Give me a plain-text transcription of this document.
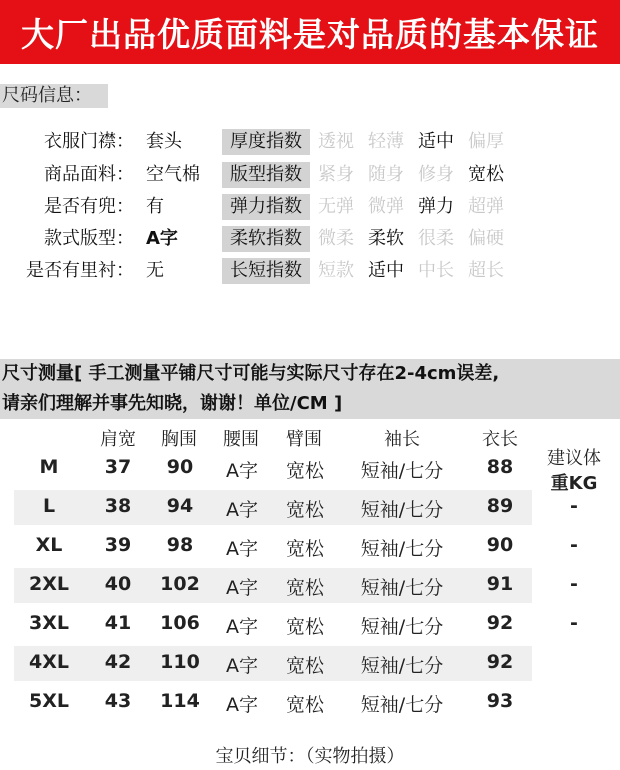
大厂出品优质面料是对品质的基本保证
尺码信息：
衣服门襟： 套头	厚度指数 透视 轻薄 适中 偏厚
商品面料： 空气棉	版型指数 紧身 随身 修身 宽松
是否有兜： 有	弹力指数 无弹 微弹 弹力 超弹
款式版型： A字	柔软指数 微柔 柔软 很柔 偏硬
是否有里衬： 无	长短指数 短款 适中 中长 超长
尺寸测量[ 手工测量平铺尺寸可能与实际尺寸存在2-4cm误差,
请亲们理解并事先知晓，谢谢！单位/CM ]
肩宽 胸围 腰围 臂围	袖长	衣长
建议体
重KG
M	37	90	A字	宽松	短袖/七分	88
L	38	94	A字	宽松	短袖/七分	89	-
XL	39	98	A字	宽松	短袖/七分	90	-
2XL	40	102	A字	宽松	短袖/七分	91	-
3XL	41	106	A字	宽松	短袖/七分	92	-
4XL	42	110	A字	宽松	短袖/七分	92
5XL	43	114	A字	宽松	短袖/七分	93
宝贝细节：（实物拍摄）
